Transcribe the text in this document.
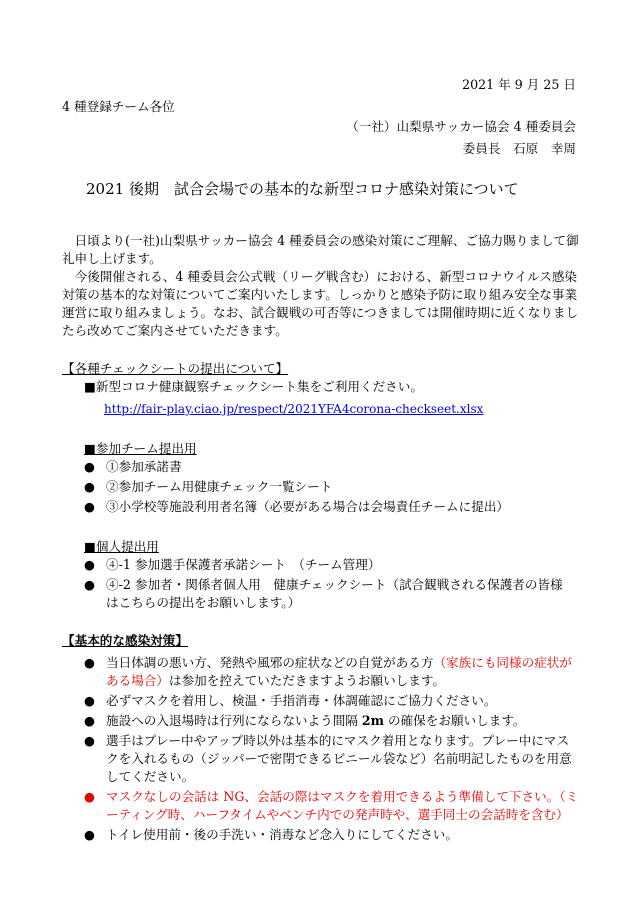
2021 年 9 月 25 日
4 種登録チーム各位
（一社）山梨県サッカー協会 4 種委員会
委員長　石原　幸周
2021 後期　試合会場での基本的な新型コロナ感染対策について
　日頃より(一社)山梨県サッカー協会 4 種委員会の感染対策にご理解、ご協力賜りまして御
礼申し上げます。
　今後開催される、4 種委員会公式戦（リーグ戦含む）における、新型コロナウイルス感染
対策の基本的な対策についてご案内いたします。しっかりと感染予防に取り組み安全な事業
運営に取り組みましょう。なお、試合観戦の可否等につきましては開催時期に近くなりまし
たら改めてご案内させていただきます。
【各種チェックシートの提出について】
■新型コロナ健康観察チェックシート集をご利用ください。
http://fair-play.ciao.jp/respect/2021YFA4corona-checkseet.xlsx
■参加チーム提出用
● ①参加承諾書
● ②参加チーム用健康チェック一覧シート
● ③小学校等施設利用者名簿（必要がある場合は会場責任チームに提出）
■個人提出用
● ④-1 参加選手保護者承諾シート　（チーム管理）
● ④-2 参加者・関係者個人用　健康チェックシート（試合観戦される保護者の皆様
はこちらの提出をお願いします。）
【基本的な感染対策】
● 当日体調の悪い方、発熱や風邪の症状などの自覚がある方（家族にも同様の症状が
ある場合）は参加を控えていただきますようお願いします。
● 必ずマスクを着用し、検温・手指消毒・体調確認にご協力ください。
● 施設への入退場時は行列にならないよう間隔 2m の確保をお願いします。
● 選手はプレー中やアップ時以外は基本的にマスク着用となります。プレー中にマス
クを入れるもの（ジッパーで密閉できるビニール袋など）名前明記したものを用意
してください。
● マスクなしの会話は NG、会話の際はマスクを着用できるよう準備して下さい。（ミ
ーティング時、ハーフタイムやベンチ内での発声時や、選手同士の会話時を含む）
● トイレ使用前・後の手洗い・消毒など念入りにしてください。
